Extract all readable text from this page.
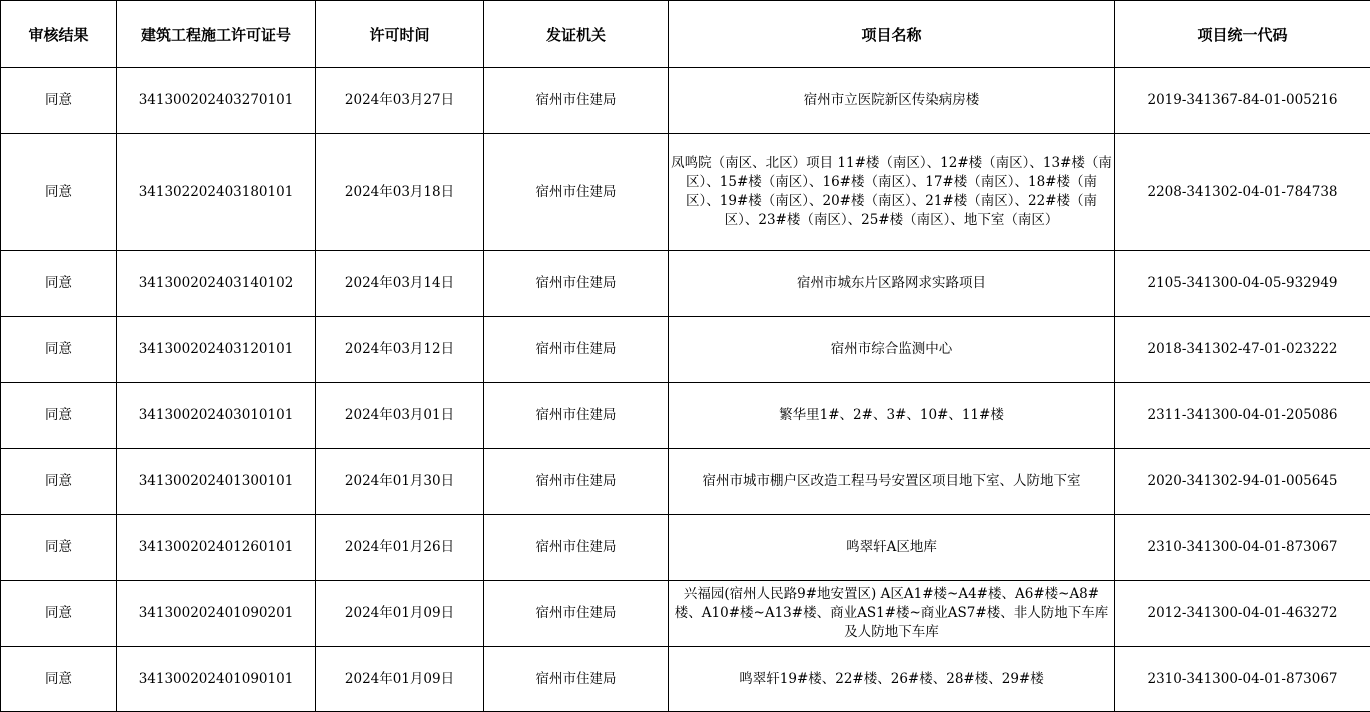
审核结果	建筑工程施工许可证号	许可时间	发证机关	项目名称	项目统一代码
同意	341300202403270101	2024年03月27日	宿州市住建局	宿州市立医院新区传染病房楼	2019-341367-84-01-005216
同意	341302202403180101	2024年03月18日	宿州市住建局	凤鸣院（南区、北区）项目 11#楼（南区）、12#楼（南区）、13#楼（南区）、15#楼（南区）、16#楼（南区）、17#楼（南区）、18#楼（南区）、19#楼（南区）、20#楼（南区）、21#楼（南区）、22#楼（南区）、23#楼（南区）、25#楼（南区）、地下室（南区）	2208-341302-04-01-784738
同意	341300202403140102	2024年03月14日	宿州市住建局	宿州市城东片区路网求实路项目	2105-341300-04-05-932949
同意	341300202403120101	2024年03月12日	宿州市住建局	宿州市综合监测中心	2018-341302-47-01-023222
同意	341300202403010101	2024年03月01日	宿州市住建局	繁华里1#、2#、3#、10#、11#楼	2311-341300-04-01-205086
同意	341300202401300101	2024年01月30日	宿州市住建局	宿州市城市棚户区改造工程马号安置区项目地下室、人防地下室	2020-341302-94-01-005645
同意	341300202401260101	2024年01月26日	宿州市住建局	鸣翠轩A区地库	2310-341300-04-01-873067
同意	341300202401090201	2024年01月09日	宿州市住建局	兴福园(宿州人民路9#地安置区) A区A1#楼~A4#楼、A6#楼~A8#楼、A10#楼~A13#楼、商业AS1#楼~商业AS7#楼、非人防地下车库及人防地下车库	2012-341300-04-01-463272
同意	341300202401090101	2024年01月09日	宿州市住建局	鸣翠轩19#楼、22#楼、26#楼、28#楼、29#楼	2310-341300-04-01-873067
